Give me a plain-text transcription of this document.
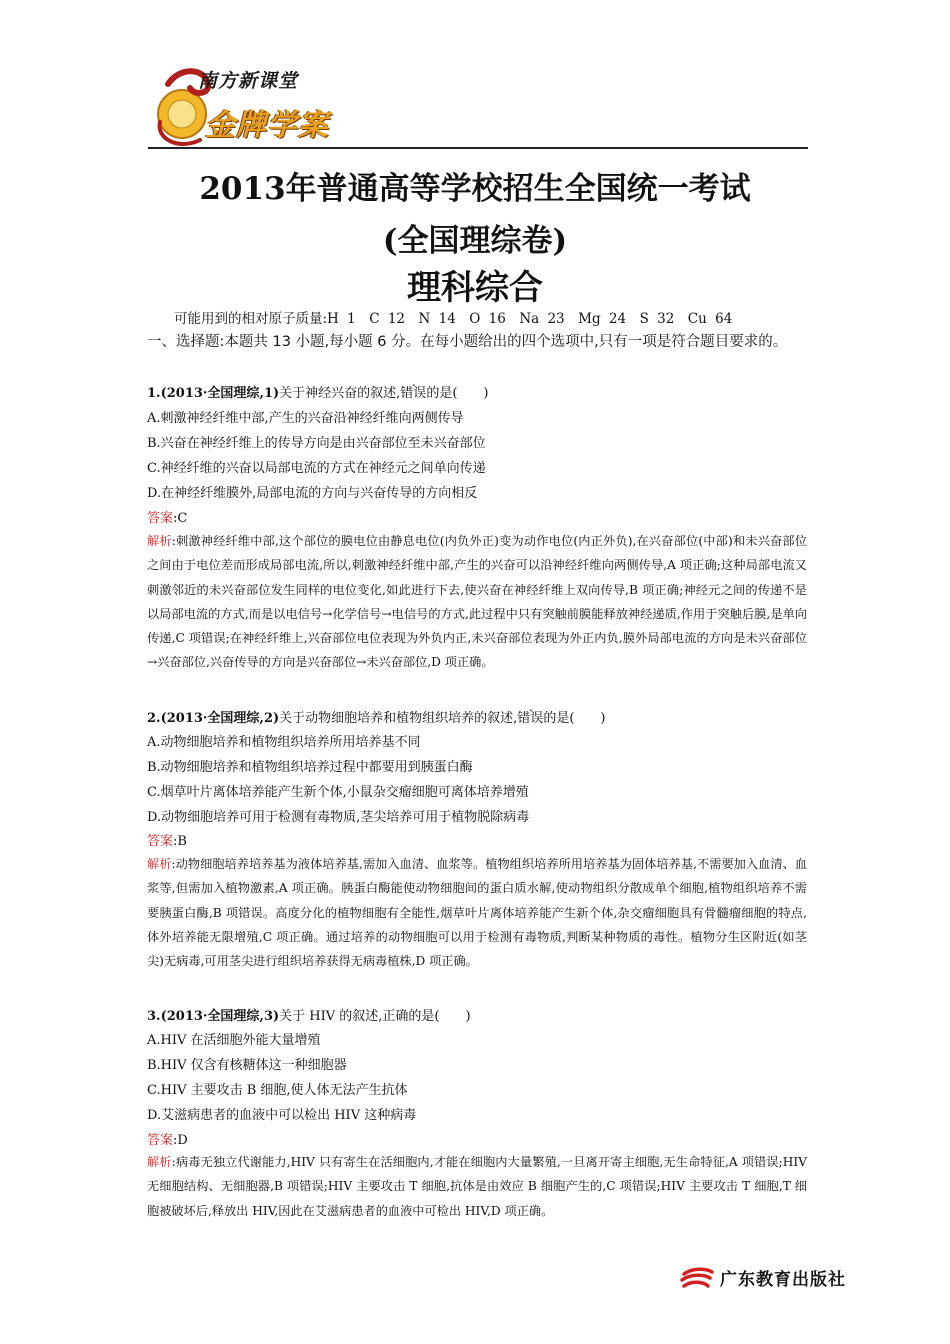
南方新课堂
金牌学案
2013年普通高等学校招生全国统一考试
(全国理综卷)
理科综合
可能用到的相对原子质量:H 1　C 12　N 14　O 16　Na 23　Mg 24　S 32　Cu 64
一、选择题:本题共 13 小题,每小题 6 分。在每小题给出的四个选项中,只有一项是符合题目要求的。
1.(2013·全国理综,1)关于神经兴奋的叙述,错误的是(　　)
A.刺激神经纤维中部,产生的兴奋沿神经纤维向两侧传导
B.兴奋在神经纤维上的传导方向是由兴奋部位至未兴奋部位
C.神经纤维的兴奋以局部电流的方式在神经元之间单向传递
D.在神经纤维膜外,局部电流的方向与兴奋传导的方向相反
答案:C
解析:刺激神经纤维中部,这个部位的膜电位由静息电位(内负外正)变为动作电位(内正外负),在兴奋部位(中部)和未兴奋部位之间由于电位差而形成局部电流,所以,刺激神经纤维中部,产生的兴奋可以沿神经纤维向两侧传导,A 项正确;这种局部电流又刺激邻近的未兴奋部位发生同样的电位变化,如此进行下去,使兴奋在神经纤维上双向传导,B 项正确;神经元之间的传递不是以局部电流的方式,而是以电信号→化学信号→电信号的方式,此过程中只有突触前膜能释放神经递质,作用于突触后膜,是单向传递,C 项错误;在神经纤维上,兴奋部位电位表现为外负内正,未兴奋部位表现为外正内负,膜外局部电流的方向是未兴奋部位→兴奋部位,兴奋传导的方向是兴奋部位→未兴奋部位,D 项正确。
2.(2013·全国理综,2)关于动物细胞培养和植物组织培养的叙述,错误的是(　　)
A.动物细胞培养和植物组织培养所用培养基不同
B.动物细胞培养和植物组织培养过程中都要用到胰蛋白酶
C.烟草叶片离体培养能产生新个体,小鼠杂交瘤细胞可离体培养增殖
D.动物细胞培养可用于检测有毒物质,茎尖培养可用于植物脱除病毒
答案:B
解析:动物细胞培养培养基为液体培养基,需加入血清、血浆等。植物组织培养所用培养基为固体培养基,不需要加入血清、血浆等,但需加入植物激素,A 项正确。胰蛋白酶能使动物细胞间的蛋白质水解,使动物组织分散成单个细胞,植物组织培养不需要胰蛋白酶,B 项错误。高度分化的植物细胞有全能性,烟草叶片离体培养能产生新个体,杂交瘤细胞具有骨髓瘤细胞的特点,体外培养能无限增殖,C 项正确。通过培养的动物细胞可以用于检测有毒物质,判断某种物质的毒性。植物分生区附近(如茎尖)无病毒,可用茎尖进行组织培养获得无病毒植株,D 项正确。
3.(2013·全国理综,3)关于 HIV 的叙述,正确的是(　　)
A.HIV 在活细胞外能大量增殖
B.HIV 仅含有核糖体这一种细胞器
C.HIV 主要攻击 B 细胞,使人体无法产生抗体
D.艾滋病患者的血液中可以检出 HIV 这种病毒
答案:D
解析:病毒无独立代谢能力,HIV 只有寄生在活细胞内,才能在细胞内大量繁殖,一旦离开寄主细胞,无生命特征,A 项错误;HIV 无细胞结构、无细胞器,B 项错误;HIV 主要攻击 T 细胞,抗体是由效应 B 细胞产生的,C 项错误;HIV 主要攻击 T 细胞,T 细胞被破坏后,释放出 HIV,因此在艾滋病患者的血液中可检出 HIV,D 项正确。
广东教育出版社
